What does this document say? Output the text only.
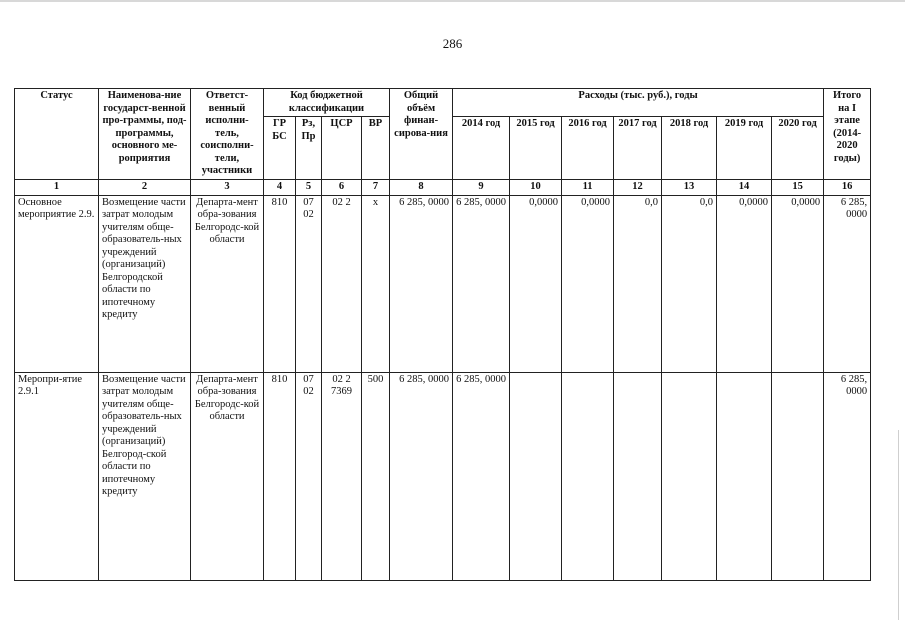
286
Статус	Наименова-ние государст-венной про-граммы, под-программы, основного ме-роприятия	Ответст-венный исполни-тель, соисполни-тели, участники	Код бюджетной классификации				Общий объём финан-сирова-ния	Расходы (тыс. руб.), годы							Итого на I этапе (2014-2020 годы)
			ГР БС	Рз, Пр	ЦСР	ВР		2014 год	2015 год	2016 год	2017 год	2018 год	2019 год	2020 год	
1	2	3	4	5	6	7	8	9	10	11	12	13	14	15	16
Основное мероприятие 2.9.	Возмещение части затрат молодым учителям обще-образователь-ных учреждений (организаций) Белгородской области по ипотечному кредиту	Департа-мент обра-зования Белгородс-кой области	810	07 02	02 2	х	6 285, 0000	6 285, 0000	0,0000	0,0000	0,0	0,0	0,0000	0,0000	6 285, 0000
Меропри-ятие 2.9.1	Возмещение части затрат молодым учителям обще-образователь-ных учреждений (организаций) Белгород-ской области по ипотечному кредиту	Департа-мент обра-зования Белгородс-кой области	810	07 02	02 2 7369	500	6 285, 0000	6 285, 0000							6 285, 0000
